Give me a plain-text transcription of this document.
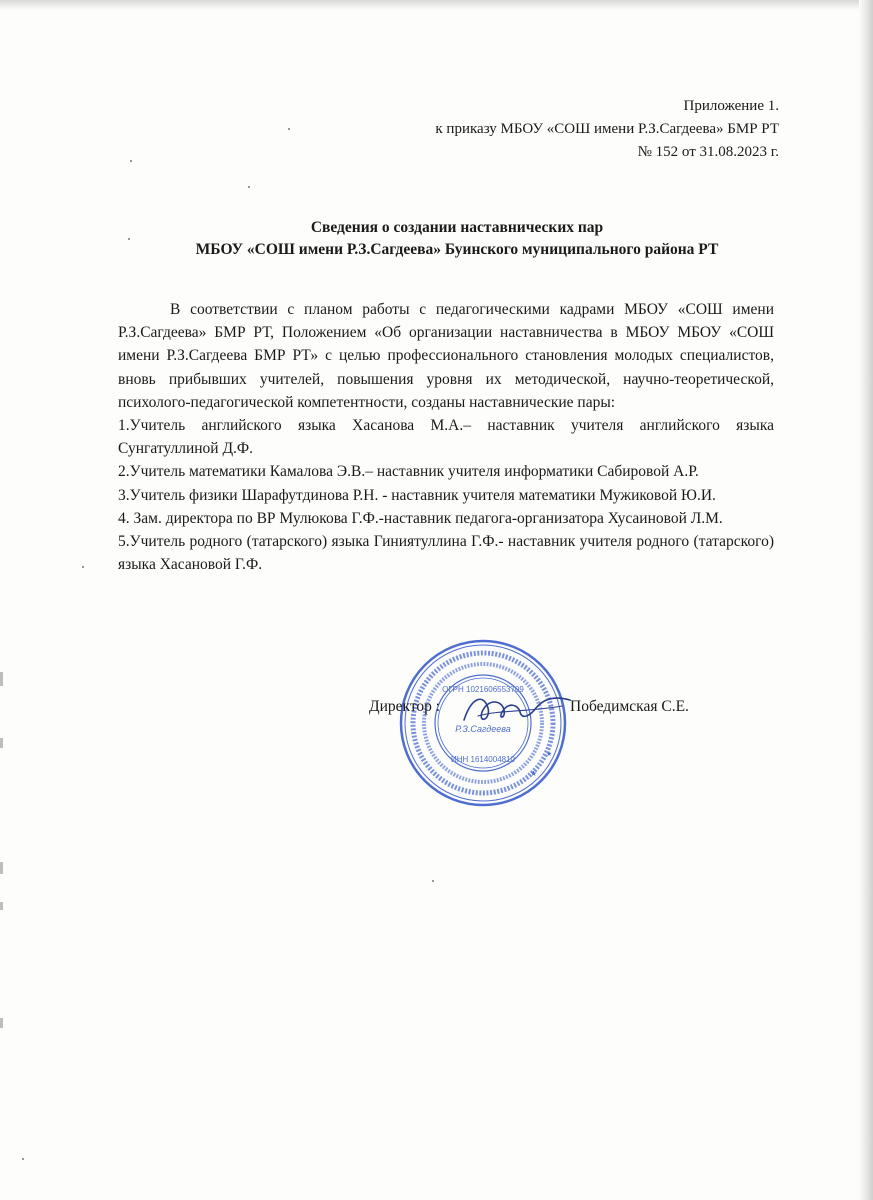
Приложение 1.
к приказу МБОУ «СОШ имени Р.З.Сагдеева» БМР РТ
№ 152 от 31.08.2023 г.
Сведения о создании наставнических пар
МБОУ «СОШ имени Р.З.Сагдеева» Буинского муниципального района РТ

В соответствии с планом работы с педагогическими кадрами МБОУ «СОШ имени Р.З.Сагдеева» БМР РТ, Положением «Об организации наставничества в МБОУ МБОУ «СОШ имени Р.З.Сагдеева БМР РТ» с целью профессионального становления молодых специалистов, вновь прибывших учителей, повышения уровня их методической, научно-теоретической, психолого-педагогической компетентности, созданы наставнические пары:

1.Учитель английского языка Хасанова М.А.– наставник учителя английского языка Сунгатуллиной Д.Ф.

2.Учитель математики Камалова Э.В.– наставник учителя информатики Сабировой А.Р.

3.Учитель физики Шарафутдинова Р.Н. - наставник учителя математики Мужиковой Ю.И.

4. Зам. директора по ВР Мулюкова Г.Ф.-наставник педагога-организатора Хусаиновой Л.М.

5.Учитель родного (татарского) языка Гиниятуллина Г.Ф.- наставник учителя родного (татарского) языка Хасановой Г.Ф.

ОГРН 1021606553709
Р.З.Сагдеева
ИНН 1614004810
★
★
Директор :	Победимская С.Е.
